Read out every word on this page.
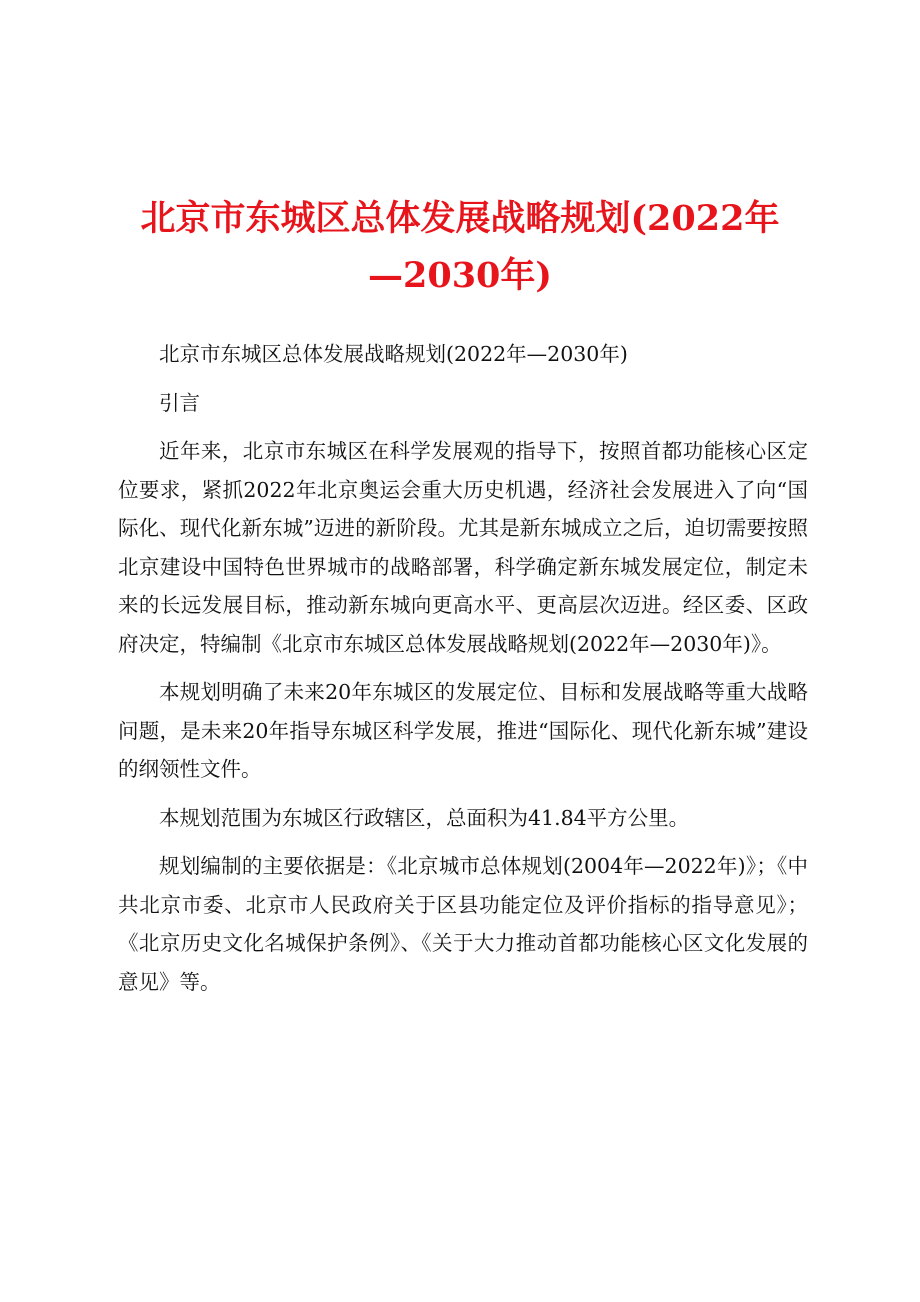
北京市东城区总体发展战略规划(2022年
—2030年)

北京市东城区总体发展战略规划(2022年—2030年)

引言

近年来，北京市东城区在科学发展观的指导下，按照首都功能核心区定位要求，紧抓2022年北京奥运会重大历史机遇，经济社会发展进入了向“国际化、现代化新东城”迈进的新阶段。尤其是新东城成立之后，迫切需要按照北京建设中国特色世界城市的战略部署，科学确定新东城发展定位，制定未来的长远发展目标，推动新东城向更高水平、更高层次迈进。经区委、区政府决定，特编制《北京市东城区总体发展战略规划(2022年—2030年)》。

本规划明确了未来20年东城区的发展定位、目标和发展战略等重大战略问题，是未来20年指导东城区科学发展，推进“国际化、现代化新东城”建设的纲领性文件。

本规划范围为东城区行政辖区，总面积为41.84平方公里。

规划编制的主要依据是：《北京城市总体规划(2004年—2022年)》；《中共北京市委、北京市人民政府关于区县功能定位及评价指标的指导意见》；《北京历史文化名城保护条例》、《关于大力推动首都功能核心区文化发展的意见》等。
